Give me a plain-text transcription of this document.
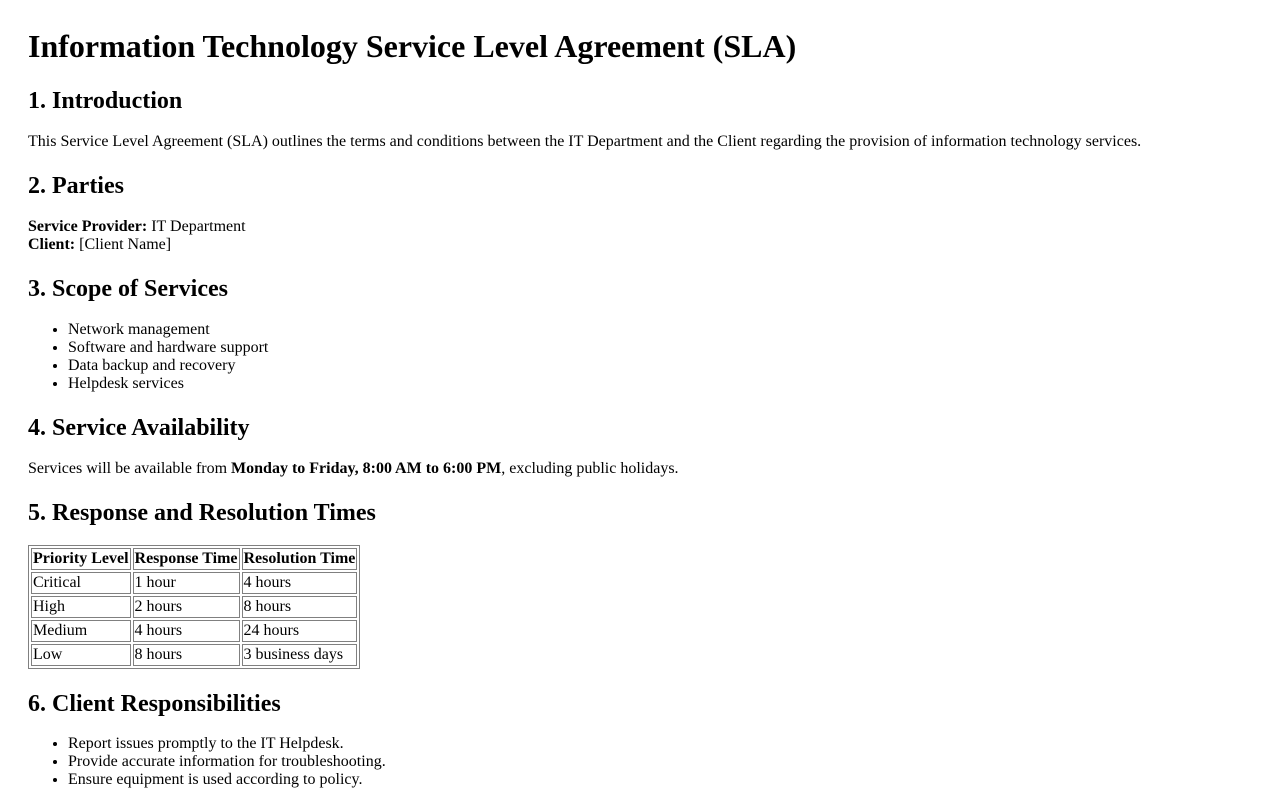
Information Technology Service Level Agreement (SLA)
1. Introduction

This Service Level Agreement (SLA) outlines the terms and conditions between the IT Department and the Client regarding the provision of information technology services.

2. Parties

Service Provider: IT Department
Client: [Client Name]

3. Scope of Services
• Network management
• Software and hardware support
• Data backup and recovery
• Helpdesk services
4. Service Availability

Services will be available from Monday to Friday, 8:00 AM to 6:00 PM, excluding public holidays.

5. Response and Resolution Times
Priority Level	Response Time	Resolution Time
Critical	1 hour	4 hours
High	2 hours	8 hours
Medium	4 hours	24 hours
Low	8 hours	3 business days
6. Client Responsibilities
• Report issues promptly to the IT Helpdesk.
• Provide accurate information for troubleshooting.
• Ensure equipment is used according to policy.
